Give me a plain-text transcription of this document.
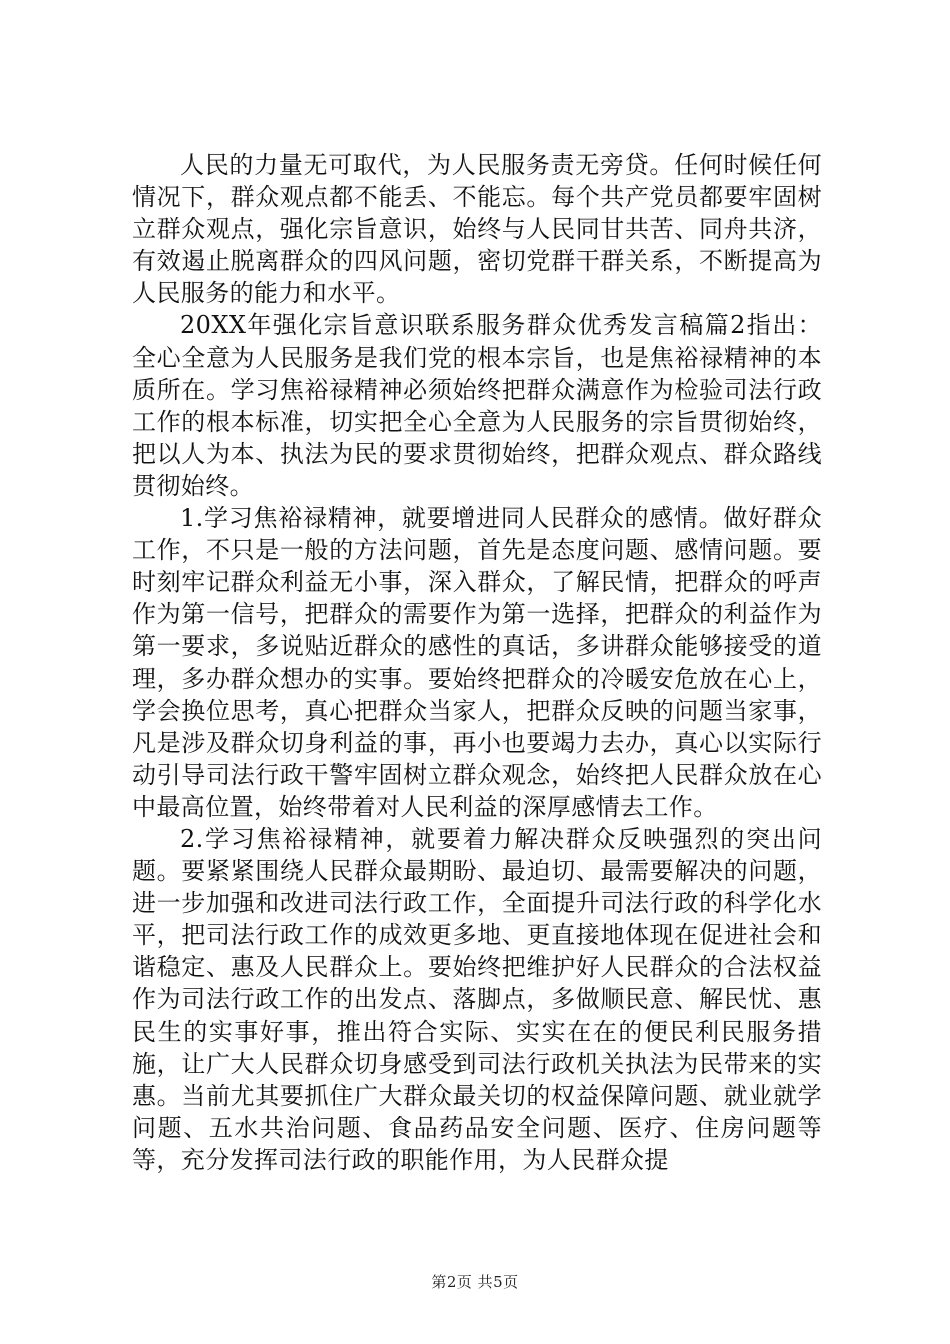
人民的力量无可取代，为人民服务责无旁贷。任何时候任何情况下，群众观点都不能丢、不能忘。每个共产党员都要牢固树立群众观点，强化宗旨意识，始终与人民同甘共苦、同舟共济，有效遏止脱离群众的四风问题，密切党群干群关系，不断提高为人民服务的能力和水平。

20XX年强化宗旨意识联系服务群众优秀发言稿篇2指出：全心全意为人民服务是我们党的根本宗旨，也是焦裕禄精神的本质所在。学习焦裕禄精神必须始终把群众满意作为检验司法行政工作的根本标准，切实把全心全意为人民服务的宗旨贯彻始终，把以人为本、执法为民的要求贯彻始终，把群众观点、群众路线贯彻始终。

1.学习焦裕禄精神，就要增进同人民群众的感情。做好群众工作，不只是一般的方法问题，首先是态度问题、感情问题。要时刻牢记群众利益无小事，深入群众，了解民情，把群众的呼声作为第一信号，把群众的需要作为第一选择，把群众的利益作为第一要求，多说贴近群众的感性的真话，多讲群众能够接受的道理，多办群众想办的实事。要始终把群众的冷暖安危放在心上，学会换位思考，真心把群众当家人，把群众反映的问题当家事，凡是涉及群众切身利益的事，再小也要竭力去办，真心以实际行动引导司法行政干警牢固树立群众观念，始终把人民群众放在心中最高位置，始终带着对人民利益的深厚感情去工作。

2.学习焦裕禄精神，就要着力解决群众反映强烈的突出问题。要紧紧围绕人民群众最期盼、最迫切、最需要解决的问题，进一步加强和改进司法行政工作，全面提升司法行政的科学化水平，把司法行政工作的成效更多地、更直接地体现在促进社会和谐稳定、惠及人民群众上。要始终把维护好人民群众的合法权益作为司法行政工作的出发点、落脚点，多做顺民意、解民忧、惠民生的实事好事，推出符合实际、实实在在的便民利民服务措施，让广大人民群众切身感受到司法行政机关执法为民带来的实惠。当前尤其要抓住广大群众最关切的权益保障问题、就业就学问题、五水共治问题、食品药品安全问题、医疗、住房问题等等，充分发挥司法行政的职能作用，为人民群众提

第2页 共5页
